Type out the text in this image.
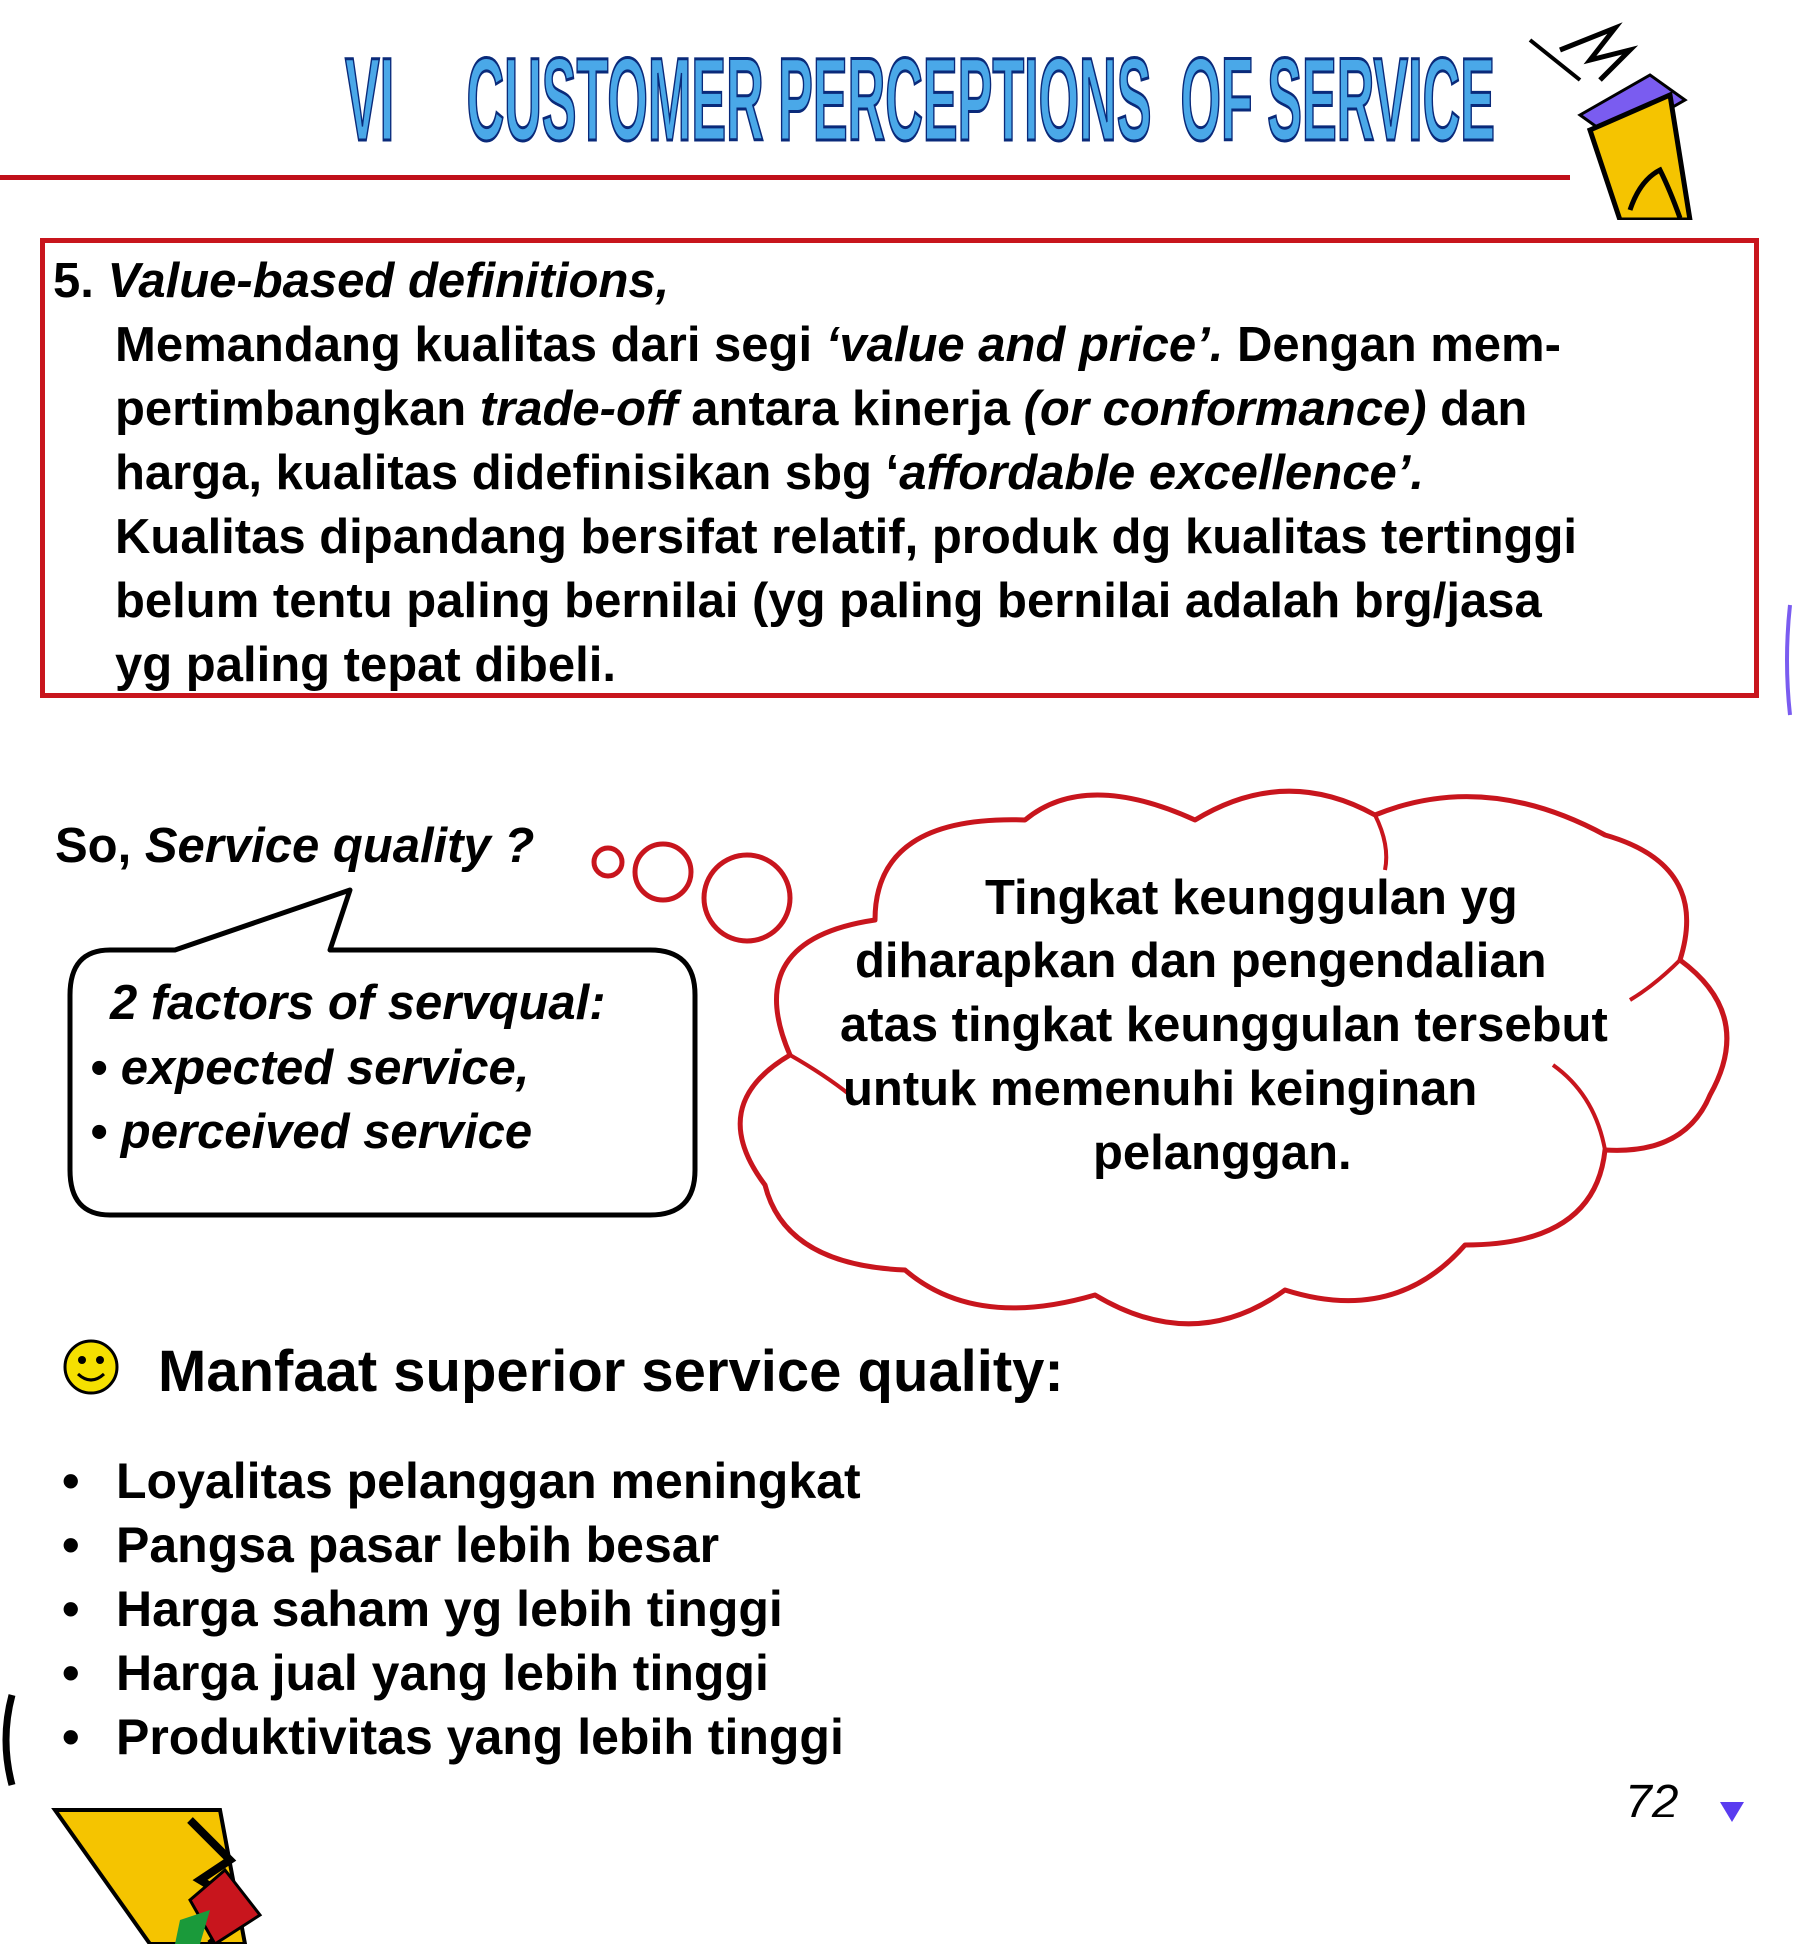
VI     CUSTOMER PERCEPTIONS  OF SERVICE
5. Value-based definitions,
Memandang kualitas dari segi ‘value and price’. Dengan mem-
pertimbangkan trade-off antara kinerja (or conformance) dan
harga, kualitas didefinisikan sbg ‘affordable excellence’.
Kualitas dipandang bersifat relatif, produk dg kualitas tertinggi
belum tentu paling bernilai (yg paling bernilai adalah brg/jasa
yg paling tepat dibeli.
So, Service quality ?
2 factors of servqual:
• expected service,
• perceived service
Tingkat keunggulan yg
diharapkan dan pengendalian
atas tingkat keunggulan tersebut
untuk memenuhi keinginan
pelanggan.
Manfaat superior service quality:
• Loyalitas pelanggan meningkat
• Pangsa pasar lebih besar
• Harga saham yg lebih tinggi
• Harga jual yang lebih tinggi
• Produktivitas yang lebih tinggi
72
